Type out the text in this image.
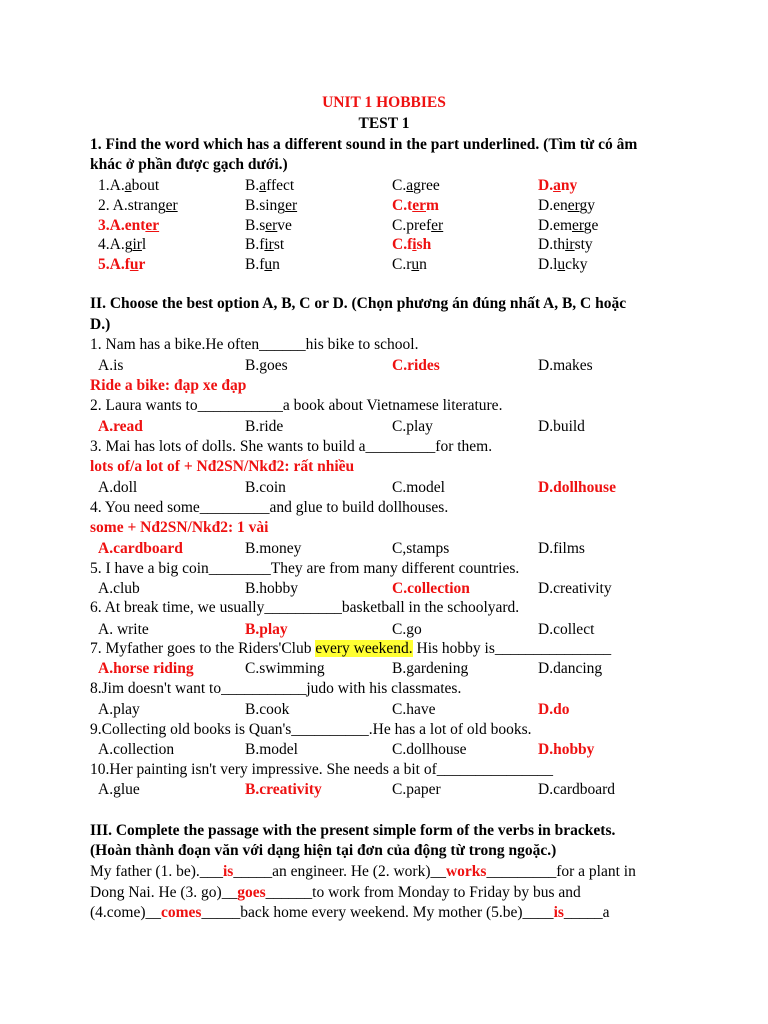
UNIT 1 HOBBIES
TEST 1
1. Find the word which has a different sound in the part underlined. (Tìm từ có âm
khác ở phần được gạch dưới.)
1.A.about	B.affect	C.agree	D.any
2. A.stranger	B.singer	C.term	D.energy
3.A.enter	B.serve	C.prefer	D.emerge
4.A.girl	B.first	C.fish	D.thirsty
5.A.fur	B.fun	C.run	D.lucky
II. Choose the best option A, B, C or D. (Chọn phương án đúng nhất A, B, C hoặc
D.)
1. Nam has a bike.He often______his bike to school.
A.is	B.goes	C.rides	D.makes
Ride a bike: đạp xe đạp
2. Laura wants to___________a book about Vietnamese literature.
A.read	B.ride	C.play	D.build
3. Mai has lots of dolls. She wants to build a_________for them.
lots of/a lot of + Nđ2SN/Nkđ2: rất nhiều
A.doll	B.coin	C.model	D.dollhouse
4. You need some_________and glue to build dollhouses.
some + Nđ2SN/Nkđ2: 1 vài
A.cardboard	B.money	C,stamps	D.films
5. I have a big coin________They are from many different countries.
A.club	B.hobby	C.collection	D.creativity
6. At break time, we usually__________basketball in the schoolyard.
A. write	B.play	C.go	D.collect
7. Myfather goes to the Riders'Club every weekend. His hobby is_______________
A.horse riding	C.swimming	B.gardening	D.dancing
8.Jim doesn't want to___________judo with his classmates.
A.play	B.cook	C.have	D.do
9.Collecting old books is Quan's__________.He has a lot of old books.
A.collection	B.model	C.dollhouse	D.hobby
10.Her painting isn't very impressive. She needs a bit of_______________
A.glue	B.creativity	C.paper	D.cardboard
III. Complete the passage with the present simple form of the verbs in brackets.
(Hoàn thành đoạn văn với dạng hiện tại đơn của động từ trong ngoặc.)
My father (1. be).___is_____an engineer. He (2. work)__works_________for a plant in
Dong Nai. He (3. go)__goes______to work from Monday to Friday by bus and
(4.come)__comes_____back home every weekend. My mother (5.be)____is_____a
